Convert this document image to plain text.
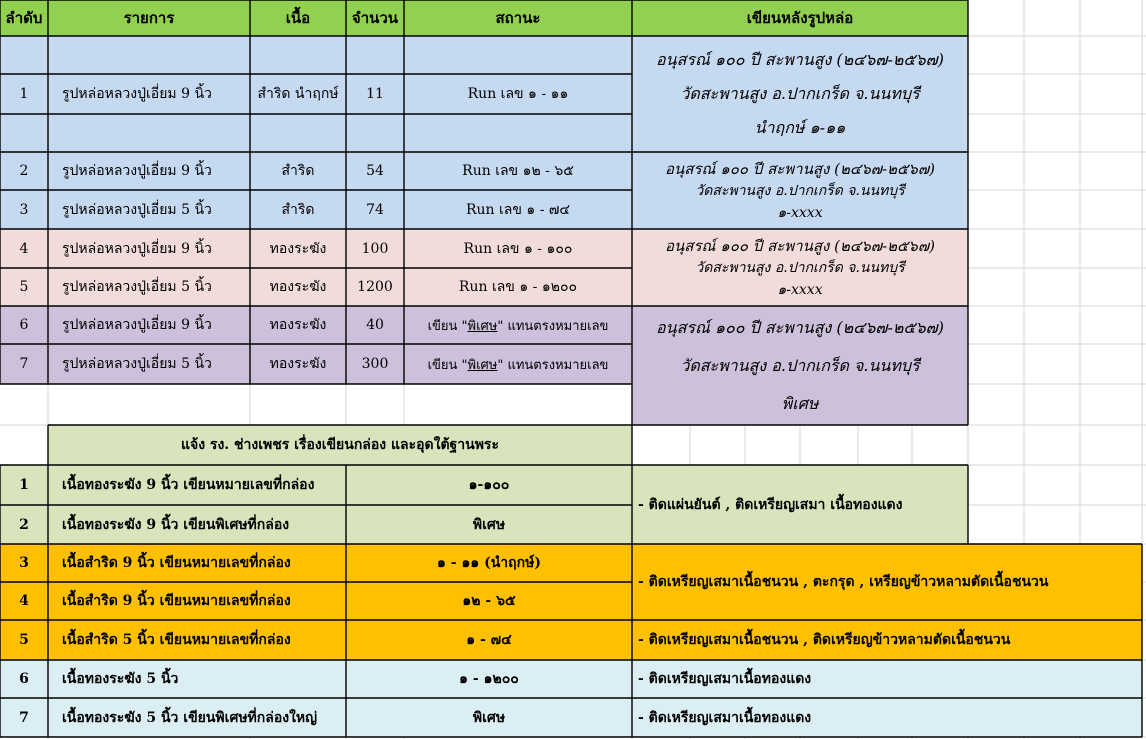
ลำดับ	รายการ	เนื้อ	จำนวน	สถานะ	เขียนหลังรูปหล่อ
1	รูปหล่อหลวงปู่เอี่ยม 9 นิ้ว	สำริด นำฤกษ์	11	Run เลข ๑ - ๑๑
อนุสรณ์ ๑๐๐ ปี สะพานสูง (๒๔๖๗-๒๕๖๗)
วัดสะพานสูง อ.ปากเกร็ด จ.นนทบุรี
นำฤกษ์ ๑-๑๑
2	รูปหล่อหลวงปู่เอี่ยม 9 นิ้ว	สำริด	54	Run เลข ๑๒ - ๖๕
3	รูปหล่อหลวงปู่เอี่ยม 5 นิ้ว	สำริด	74	Run เลข ๑ - ๗๔
อนุสรณ์ ๑๐๐ ปี สะพานสูง (๒๔๖๗-๒๕๖๗)
วัดสะพานสูง อ.ปากเกร็ด จ.นนทบุรี
๑-xxxx
4	รูปหล่อหลวงปู่เอี่ยม 9 นิ้ว	ทองระฆัง	100	Run เลข ๑ - ๑๐๐
5	รูปหล่อหลวงปู่เอี่ยม 5 นิ้ว	ทองระฆัง	1200	Run เลข ๑ - ๑๒๐๐
อนุสรณ์ ๑๐๐ ปี สะพานสูง (๒๔๖๗-๒๕๖๗)
วัดสะพานสูง อ.ปากเกร็ด จ.นนทบุรี
๑-xxxx
6	รูปหล่อหลวงปู่เอี่ยม 9 นิ้ว	ทองระฆัง	40	เขียน " พิเศษ " แทนตรงหมายเลข
7	รูปหล่อหลวงปู่เอี่ยม 5 นิ้ว	ทองระฆัง	300	เขียน " พิเศษ " แทนตรงหมายเลข
อนุสรณ์ ๑๐๐ ปี สะพานสูง (๒๔๖๗-๒๕๖๗)
วัดสะพานสูง อ.ปากเกร็ด จ.นนทบุรี
พิเศษ
แจ้ง รง. ช่างเพชร เรื่องเขียนกล่อง และอุดใต้ฐานพระ
1	เนื้อทองระฆัง 9 นิ้ว เขียนหมายเลขที่กล่อง	๑-๑๐๐
2	เนื้อทองระฆัง 9 นิ้ว เขียนพิเศษที่กล่อง	พิเศษ
- ติดแผ่นยันต์ , ติดเหรียญเสมา เนื้อทองแดง
3	เนื้อสำริด 9 นิ้ว เขียนหมายเลขที่กล่อง	๑ - ๑๑ (นำฤกษ์)
4	เนื้อสำริด 9 นิ้ว เขียนหมายเลขที่กล่อง	๑๒ - ๖๕
- ติดเหรียญเสมาเนื้อชนวน , ตะกรุด , เหรียญข้าวหลามตัดเนื้อชนวน
5	เนื้อสำริด 5 นิ้ว เขียนหมายเลขที่กล่อง	๑ - ๗๔	- ติดเหรียญเสมาเนื้อชนวน , ติดเหรียญข้าวหลามตัดเนื้อชนวน
6	เนื้อทองระฆัง 5 นิ้ว	๑ - ๑๒๐๐	- ติดเหรียญเสมาเนื้อทองแดง
7	เนื้อทองระฆัง 5 นิ้ว เขียนพิเศษที่กล่องใหญ่	พิเศษ	- ติดเหรียญเสมาเนื้อทองแดง
